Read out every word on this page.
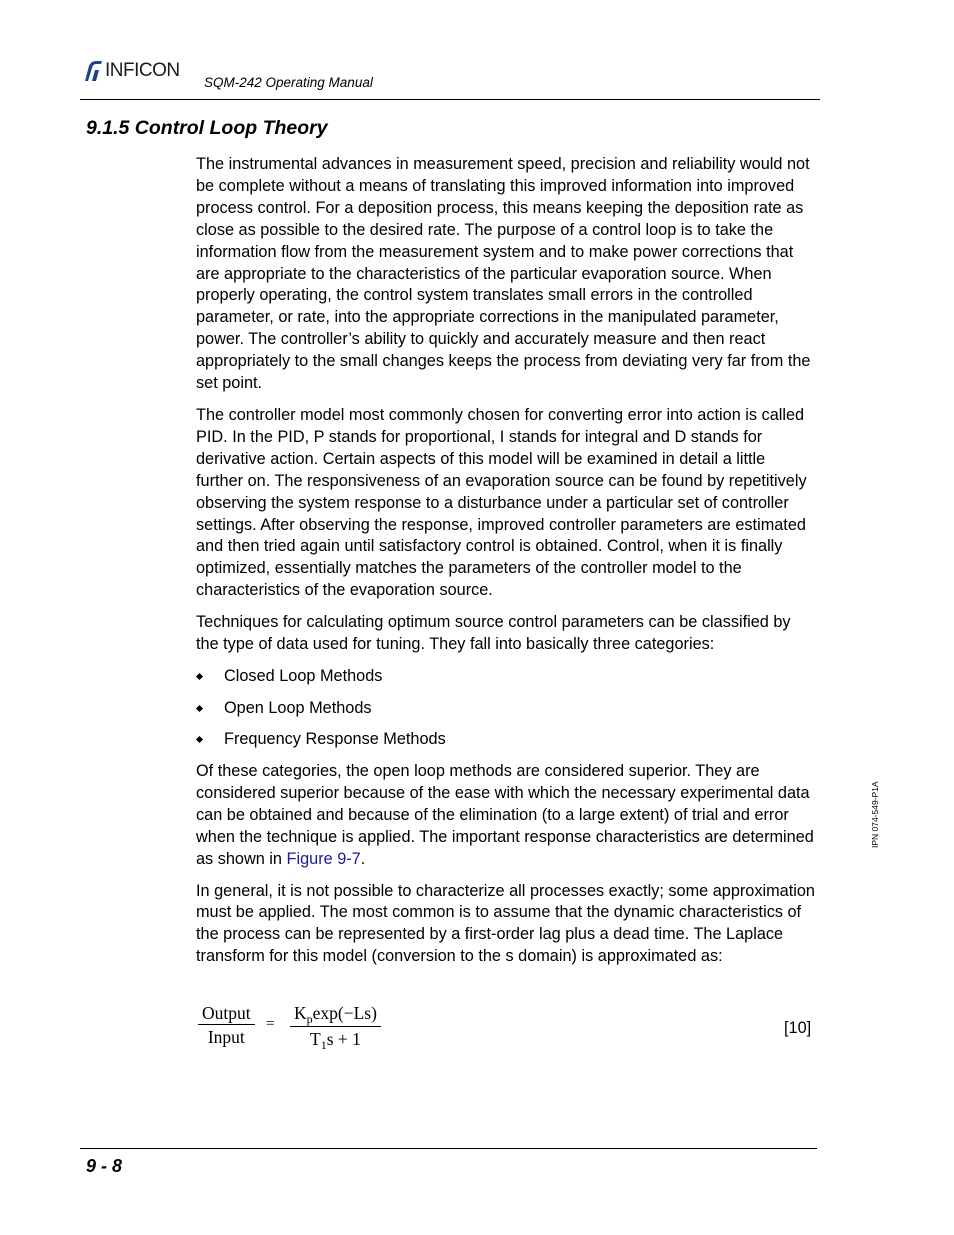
INFICON
SQM-242 Operating Manual
9.1.5 Control Loop Theory

The instrumental advances in measurement speed, precision and reliability would not be complete without a means of translating this improved information into improved process control. For a deposition process, this means keeping the deposition rate as close as possible to the desired rate. The purpose of a control loop is to take the information flow from the measurement system and to make power corrections that are appropriate to the characteristics of the particular evaporation source. When properly operating, the control system translates small errors in the controlled parameter, or rate, into the appropriate corrections in the manipulated parameter, power. The controller’s ability to quickly and accurately measure and then react appropriately to the small changes keeps the process from deviating very far from the set point.

The controller model most commonly chosen for converting error into action is called PID. In the PID, P stands for proportional, I stands for integral and D stands for derivative action. Certain aspects of this model will be examined in detail a little further on. The responsiveness of an evaporation source can be found by repetitively observing the system response to a disturbance under a particular set of controller settings. After observing the response, improved controller parameters are estimated and then tried again until satisfactory control is obtained. Control, when it is finally optimized, essentially matches the parameters of the controller model to the characteristics of the evaporation source.

Techniques for calculating optimum source control parameters can be classified by the type of data used for tuning. They fall into basically three categories:

Closed Loop Methods
Open Loop Methods
Frequency Response Methods

Of these categories, the open loop methods are considered superior. They are considered superior because of the ease with which the necessary experimental data can be obtained and because of the elimination (to a large extent) of trial and error when the technique is applied. The important response characteristics are determined as shown in Figure 9-7.

In general, it is not possible to characterize all processes exactly; some approximation must be applied. The most common is to assume that the dynamic characteristics of the process can be represented by a first-order lag plus a dead time. The Laplace transform for this model (conversion to the s domain) is approximated as:

Output
Input
=
$K_p\exp(-Ls)$
$T_1s + 1$
[10]
IPN 074-549-P1A
9 - 8
